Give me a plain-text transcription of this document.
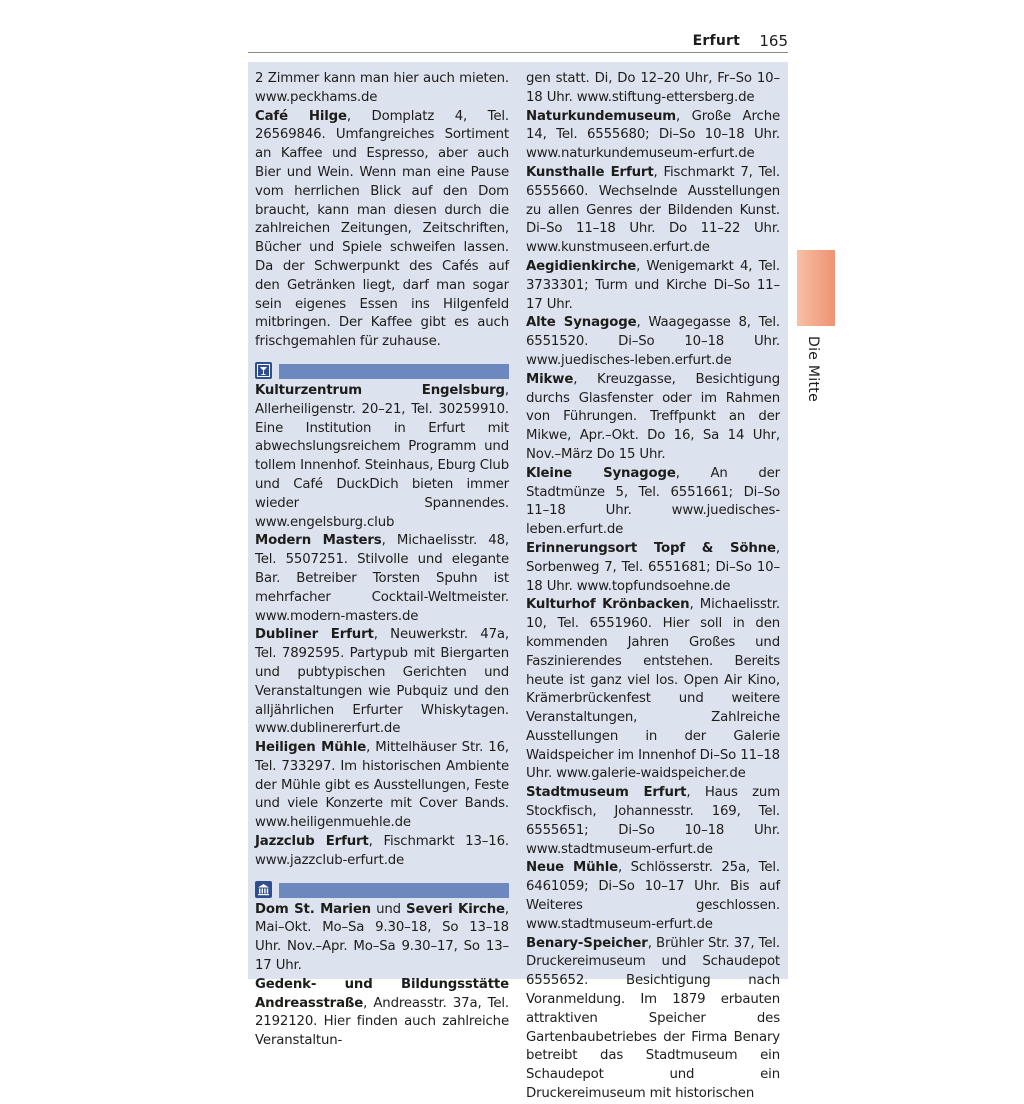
Erfurt 165

2 Zimmer kann man hier auch mieten. www.peckhams.de

Café Hilge, Domplatz 4, Tel. 26569846. Umfangreiches Sortiment an Kaffee und Espresso, aber auch Bier und Wein. Wenn man eine Pause vom herrlichen Blick auf den Dom braucht, kann man diesen durch die zahlreichen Zeitungen, Zeitschriften, Bücher und Spiele schweifen lassen. Da der Schwerpunkt des Cafés auf den Getränken liegt, darf man sogar sein eigenes Essen ins Hilgenfeld mitbringen. Der Kaffee gibt es auch frischgemahlen für zuhause.

Kulturzentrum Engelsburg, Allerheiligenstr. 20–21, Tel. 30259910. Eine Institution in Erfurt mit abwechslungsreichem Programm und tollem Innenhof. Steinhaus, Eburg Club und Café DuckDich bieten immer wieder Spannendes. www.engelsburg.club

Modern Masters, Michaelisstr. 48, Tel. 5507251. Stilvolle und elegante Bar. Betreiber Torsten Spuhn ist mehrfacher Cocktail-Weltmeister. www.modern-masters.de

Dubliner Erfurt, Neuwerkstr. 47a, Tel. 7892595. Partypub mit Biergarten und pubtypischen Gerichten und Veranstaltungen wie Pubquiz und den alljährlichen Erfurter Whiskytagen. www.dublinererfurt.de

Heiligen Mühle, Mittelhäuser Str. 16, Tel. 733297. Im historischen Ambiente der Mühle gibt es Ausstellungen, Feste und viele Konzerte mit Cover Bands. www.heiligenmuehle.de

Jazzclub Erfurt, Fischmarkt 13–16. www.jazzclub-erfurt.de

Dom St. Marien und Severi Kirche, Mai–Okt. Mo–Sa 9.30–18, So 13–18 Uhr. Nov.–Apr. Mo–Sa 9.30–17, So 13–17 Uhr.

Gedenk- und Bildungsstätte Andreasstraße, Andreasstr. 37a, Tel. 2192120. Hier finden auch zahlreiche Veranstaltun-

gen statt. Di, Do 12–20 Uhr, Fr–So 10–18 Uhr. www.stiftung-ettersberg.de

Naturkundemuseum, Große Arche 14, Tel. 6555680; Di–So 10–18 Uhr. www.naturkundemuseum-erfurt.de

Kunsthalle Erfurt, Fischmarkt 7, Tel. 6555660. Wechselnde Ausstellungen zu allen Genres der Bildenden Kunst. Di–So 11–18 Uhr. Do 11–22 Uhr. www.kunstmuseen.erfurt.de

Aegidienkirche, Wenigemarkt 4, Tel. 3733301; Turm und Kirche Di–So 11–17 Uhr.

Alte Synagoge, Waagegasse 8, Tel. 6551520. Di–So 10–18 Uhr. www.juedisches-leben.erfurt.de

Mikwe, Kreuzgasse, Besichtigung durchs Glasfenster oder im Rahmen von Führungen. Treffpunkt an der Mikwe, Apr.–Okt. Do 16, Sa 14 Uhr, Nov.–März Do 15 Uhr.

Kleine Synagoge, An der Stadtmünze 5, Tel. 6551661; Di–So 11–18 Uhr. www.juedisches-leben.erfurt.de

Erinnerungsort Topf & Söhne, Sorbenweg 7, Tel. 6551681; Di–So 10–18 Uhr. www.topfundsoehne.de

Kulturhof Krönbacken, Michaelisstr. 10, Tel. 6551960. Hier soll in den kommenden Jahren Großes und Faszinierendes entstehen. Bereits heute ist ganz viel los. Open Air Kino, Krämerbrückenfest und weitere Veranstaltungen, Zahlreiche Ausstellungen in der Galerie Waidspeicher im Innenhof Di–So 11–18 Uhr. www.galerie-waidspeicher.de

Stadtmuseum Erfurt, Haus zum Stockfisch, Johannesstr. 169, Tel. 6555651; Di–So 10–18 Uhr. www.stadtmuseum-erfurt.de

Neue Mühle, Schlösserstr. 25a, Tel. 6461059; Di–So 10–17 Uhr. Bis auf Weiteres geschlossen. www.stadtmuseum-erfurt.de

Benary-Speicher, Brühler Str. 37, Tel. Druckereimuseum und Schaudepot 6555652. Besichtigung nach Voranmeldung. Im 1879 erbauten attraktiven Speicher des Gartenbaubetriebes der Firma Benary betreibt das Stadtmuseum ein Schaudepot und ein Druckereimuseum mit historischen

Die Mitte
